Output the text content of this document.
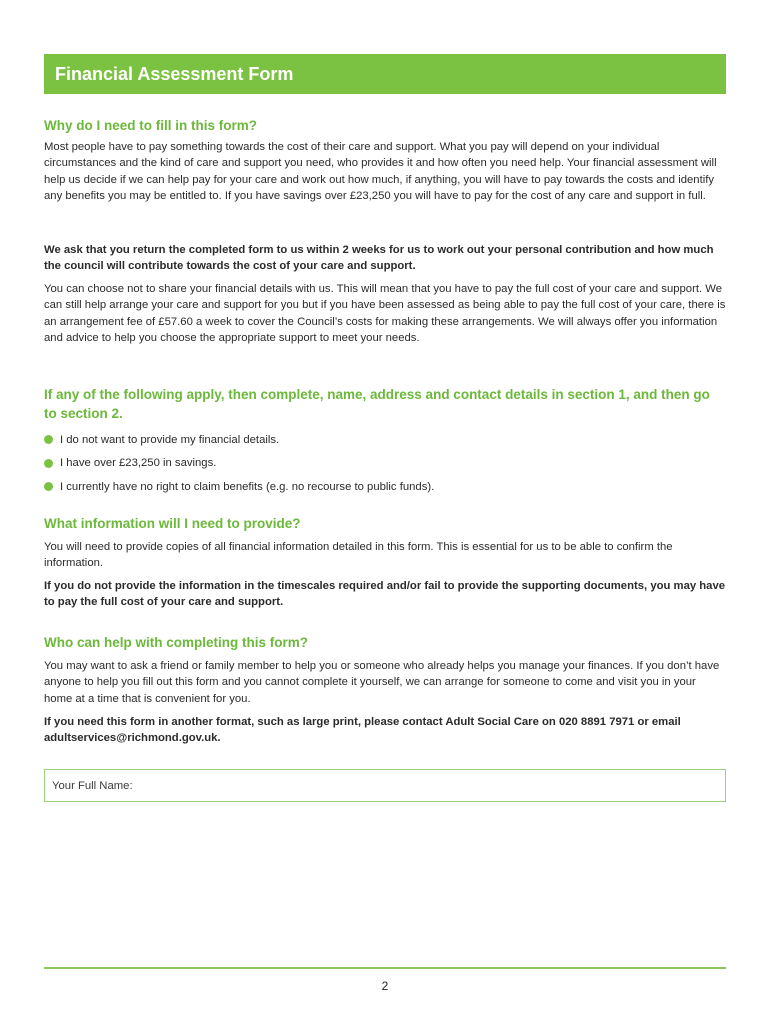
Financial Assessment Form
Why do I need to fill in this form?

Most people have to pay something towards the cost of their care and support. What you pay will depend on your individual circumstances and the kind of care and support you need, who provides it and how often you need help. Your financial assessment will help us decide if we can help pay for your care and work out how much, if anything, you will have to pay towards the costs and identify any benefits you may be entitled to. If you have savings over £23,250 you will have to pay for the cost of any care and support in full.

We ask that you return the completed form to us within 2 weeks for us to work out your personal contribution and how much the council will contribute towards the cost of your care and support.

You can choose not to share your financial details with us. This will mean that you have to pay the full cost of your care and support. We can still help arrange your care and support for you but if you have been assessed as being able to pay the full cost of your care, there is an arrangement fee of £57.60 a week to cover the Council’s costs for making these arrangements. We will always offer you information and advice to help you choose the appropriate support to meet your needs.

If any of the following apply, then complete, name, address and contact details in section 1, and then go to section 2.
I do not want to provide my financial details.
I have over £23,250 in savings.
I currently have no right to claim benefits (e.g. no recourse to public funds).
What information will I need to provide?

You will need to provide copies of all financial information detailed in this form. This is essential for us to be able to confirm the information.

If you do not provide the information in the timescales required and/or fail to provide the supporting documents, you may have to pay the full cost of your care and support.

Who can help with completing this form?

You may want to ask a friend or family member to help you or someone who already helps you manage your finances. If you don’t have anyone to help you fill out this form and you cannot complete it yourself, we can arrange for someone to come and visit you in your home at a time that is convenient for you.

If you need this form in another format, such as large print, please contact Adult Social Care on 020 8891 7971 or email adultservices@richmond.gov.uk.

Your Full Name:
2
